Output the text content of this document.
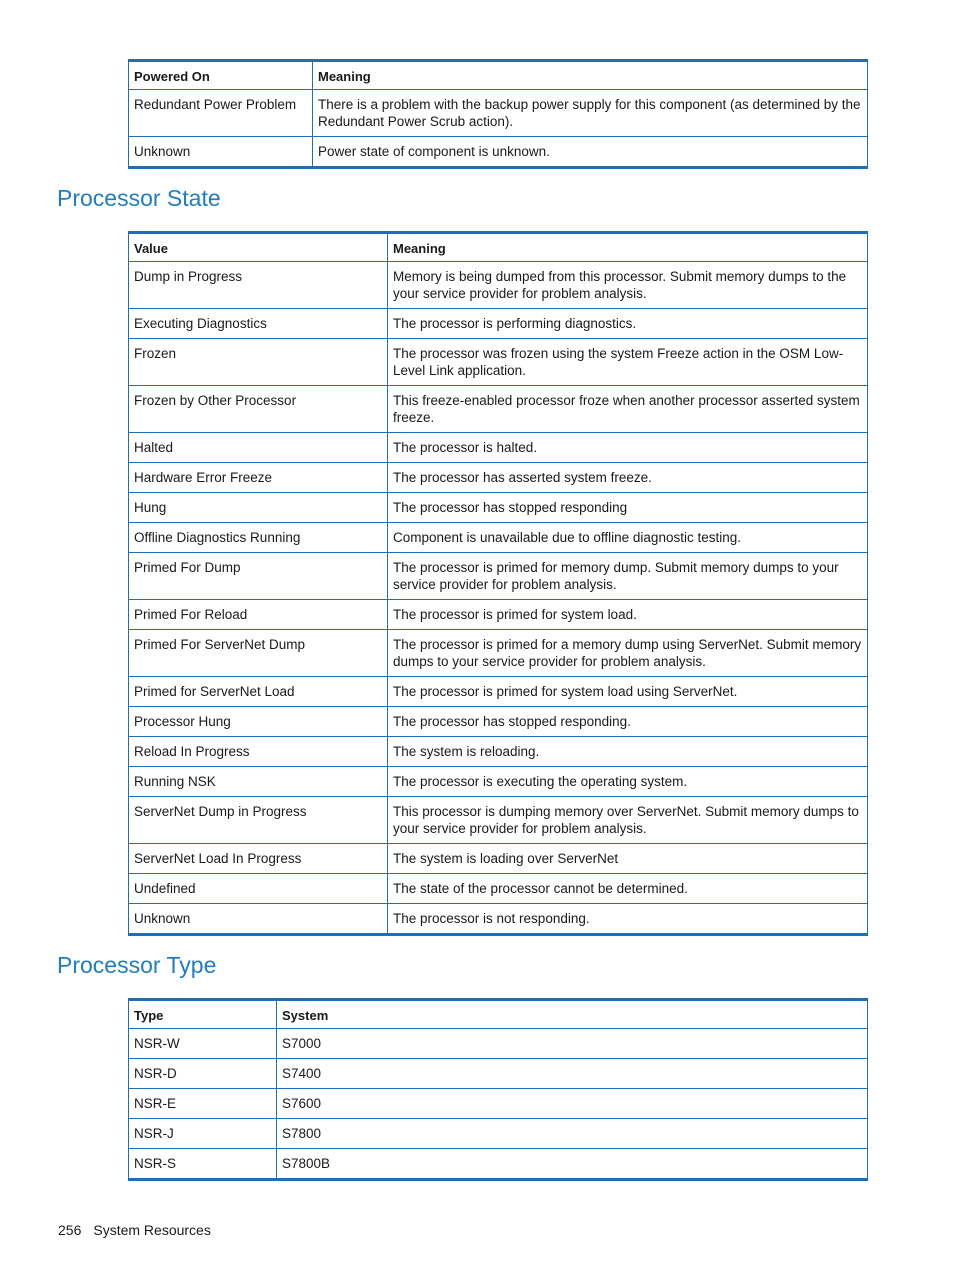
Powered On	Meaning
Redundant Power Problem	There is a problem with the backup power supply for this component (as determined by the Redundant Power Scrub action).
Unknown	Power state of component is unknown.
Processor State
Value	Meaning
Dump in Progress	Memory is being dumped from this processor. Submit memory dumps to the your service provider for problem analysis.
Executing Diagnostics	The processor is performing diagnostics.
Frozen	The processor was frozen using the system Freeze action in the OSM Low-Level Link application.
Frozen by Other Processor	This freeze-enabled processor froze when another processor asserted system freeze.
Halted	The processor is halted.
Hardware Error Freeze	The processor has asserted system freeze.
Hung	The processor has stopped responding
Offline Diagnostics Running	Component is unavailable due to offline diagnostic testing.
Primed For Dump	The processor is primed for memory dump. Submit memory dumps to your service provider for problem analysis.
Primed For Reload	The processor is primed for system load.
Primed For ServerNet Dump	The processor is primed for a memory dump using ServerNet. Submit memory dumps to your service provider for problem analysis.
Primed for ServerNet Load	The processor is primed for system load using ServerNet.
Processor Hung	The processor has stopped responding.
Reload In Progress	The system is reloading.
Running NSK	The processor is executing the operating system.
ServerNet Dump in Progress	This processor is dumping memory over ServerNet. Submit memory dumps to your service provider for problem analysis.
ServerNet Load In Progress	The system is loading over ServerNet
Undefined	The state of the processor cannot be determined.
Unknown	The processor is not responding.
Processor Type
Type	System
NSR-W	S7000
NSR-D	S7400
NSR-E	S7600
NSR-J	S7800
NSR-S	S7800B
256 System Resources
